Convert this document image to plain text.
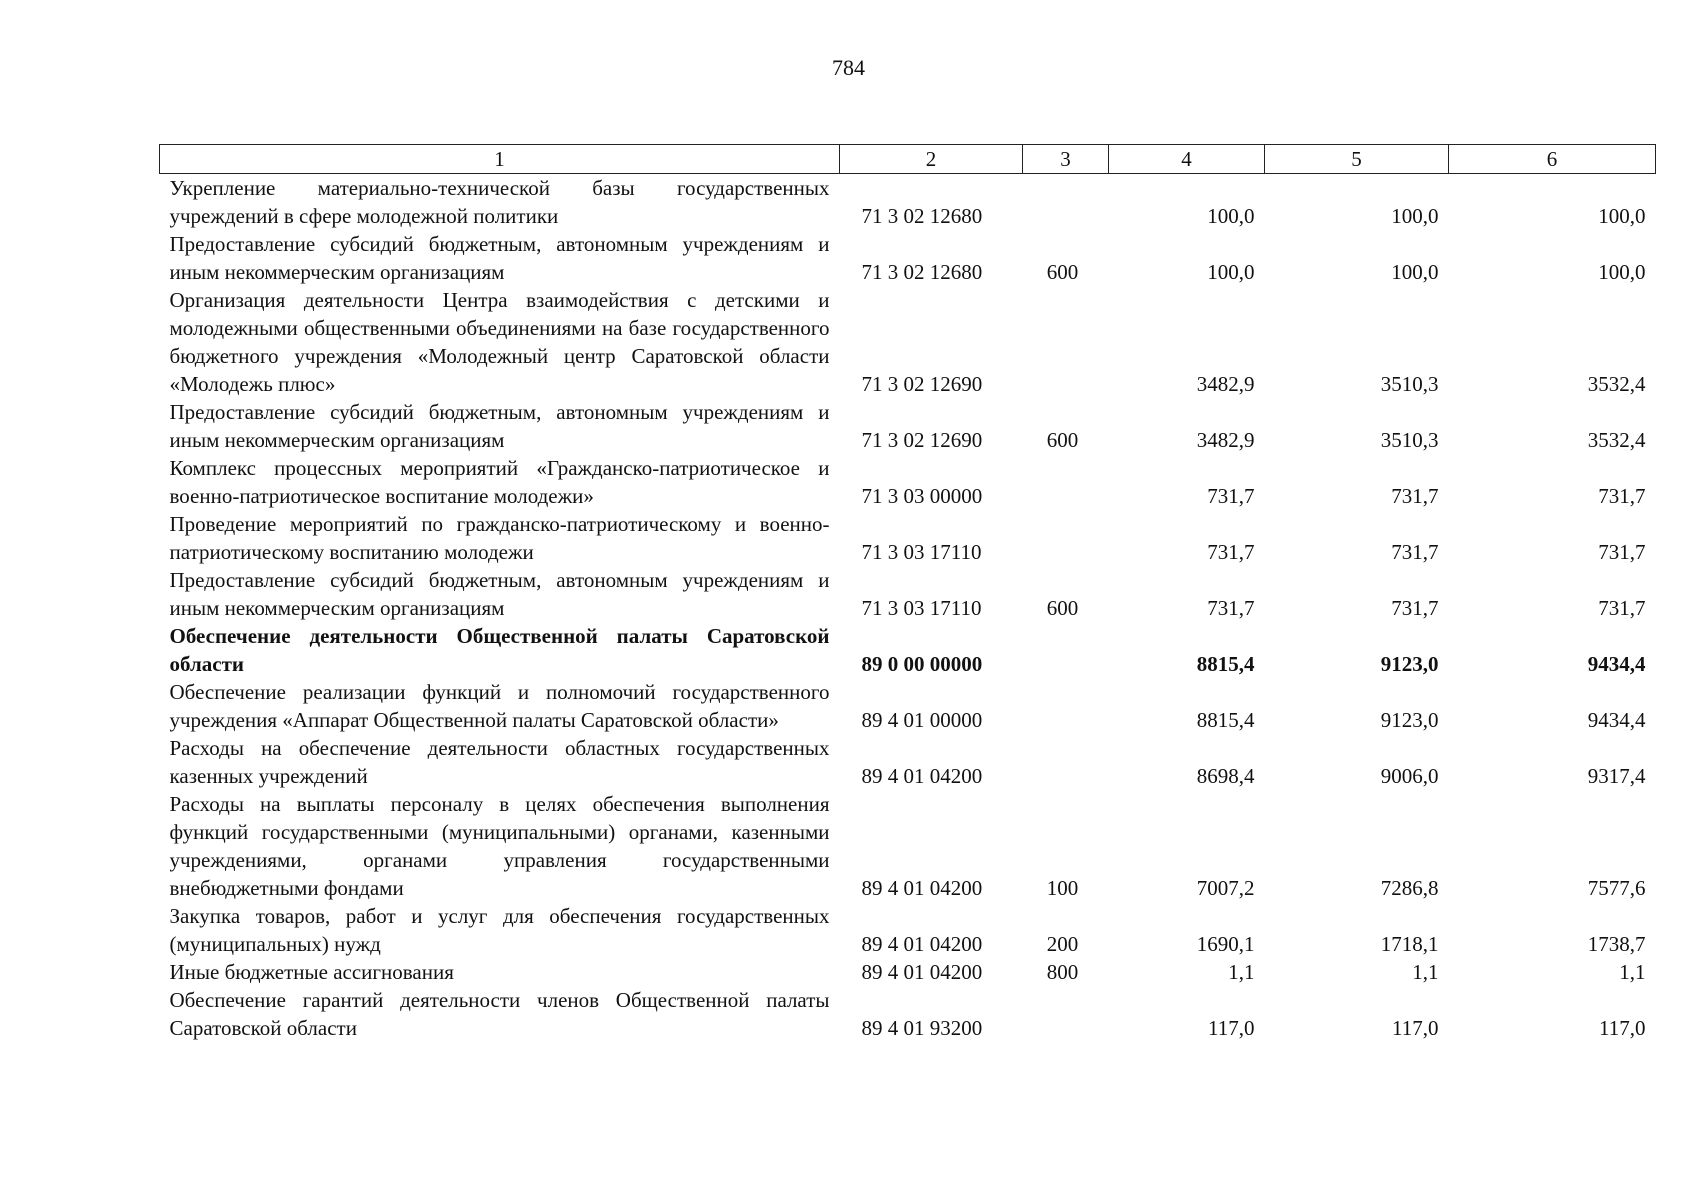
784
1	2	3	4	5	6
Укрепление материально-технической базы государственных учреждений в сфере молодежной политики	71 3 02 12680		100,0	100,0	100,0
Предоставление субсидий бюджетным, автономным учреждениям и иным некоммерческим организациям	71 3 02 12680	600	100,0	100,0	100,0
Организация деятельности Центра взаимодействия с детскими и молодежными общественными объединениями на базе государственного бюджетного учреждения «Молодежный центр Саратовской области «Молодежь плюс»	71 3 02 12690		3482,9	3510,3	3532,4
Предоставление субсидий бюджетным, автономным учреждениям и иным некоммерческим организациям	71 3 02 12690	600	3482,9	3510,3	3532,4
Комплекс процессных мероприятий «Гражданско-патриотическое и военно-патриотическое воспитание молодежи»	71 3 03 00000		731,7	731,7	731,7
Проведение мероприятий по гражданско-патриотическому и военно-патриотическому воспитанию молодежи	71 3 03 17110		731,7	731,7	731,7
Предоставление субсидий бюджетным, автономным учреждениям и иным некоммерческим организациям	71 3 03 17110	600	731,7	731,7	731,7
Обеспечение деятельности Общественной палаты Саратовской области	89 0 00 00000		8815,4	9123,0	9434,4
Обеспечение реализации функций и полномочий государственного учреждения «Аппарат Общественной палаты Саратовской области»	89 4 01 00000		8815,4	9123,0	9434,4
Расходы на обеспечение деятельности областных государственных казенных учреждений	89 4 01 04200		8698,4	9006,0	9317,4
Расходы на выплаты персоналу в целях обеспечения выполнения функций государственными (муниципальными) органами, казенными учреждениями, органами управления государственными внебюджетными фондами	89 4 01 04200	100	7007,2	7286,8	7577,6
Закупка товаров, работ и услуг для обеспечения государственных (муниципальных) нужд	89 4 01 04200	200	1690,1	1718,1	1738,7
Иные бюджетные ассигнования	89 4 01 04200	800	1,1	1,1	1,1
Обеспечение гарантий деятельности членов Общественной палаты Саратовской области	89 4 01 93200		117,0	117,0	117,0
